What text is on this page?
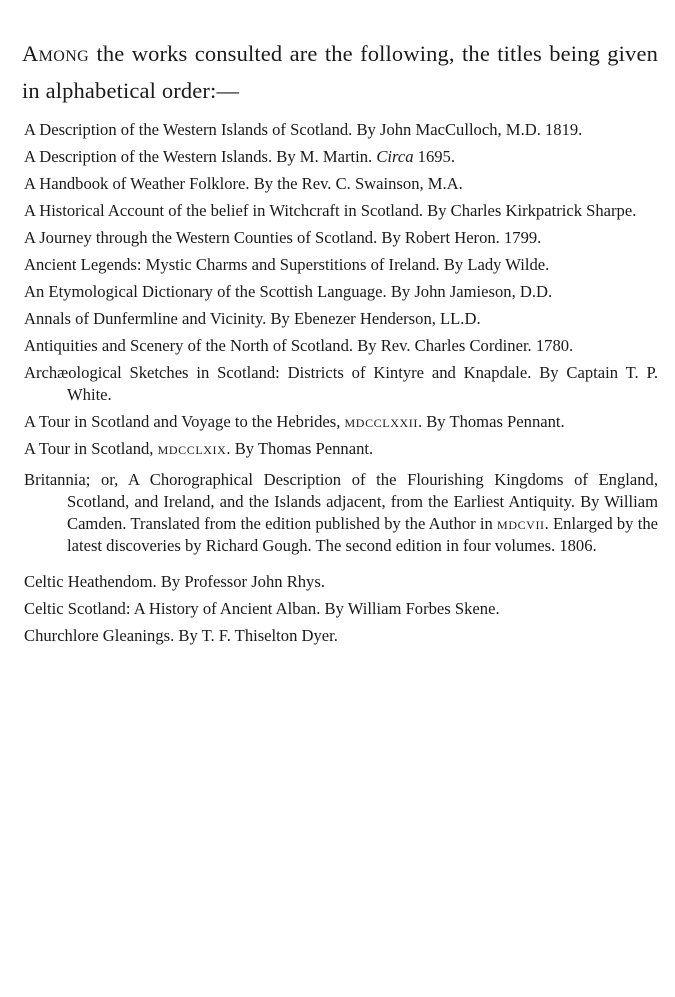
Among the works consulted are the following, the titles being given in alphabetical order:—

A Description of the Western Islands of Scotland. By John MacCulloch, M.D. 1819.
A Description of the Western Islands. By M. Martin. Circa 1695.
A Handbook of Weather Folklore. By the Rev. C. Swainson, M.A.
A Historical Account of the belief in Witchcraft in Scotland. By Charles Kirkpatrick Sharpe.
A Journey through the Western Counties of Scotland. By Robert Heron. 1799.
Ancient Legends: Mystic Charms and Superstitions of Ireland. By Lady Wilde.
An Etymological Dictionary of the Scottish Language. By John Jamieson, D.D.
Annals of Dunfermline and Vicinity. By Ebenezer Henderson, LL.D.
Antiquities and Scenery of the North of Scotland. By Rev. Charles Cordiner. 1780.
Archæological Sketches in Scotland: Districts of Kintyre and Knapdale. By Captain T. P. White.
A Tour in Scotland and Voyage to the Hebrides, mdcclxxii. By Thomas Pennant.
A Tour in Scotland, mdcclxix. By Thomas Pennant.
Britannia; or, A Chorographical Description of the Flourishing Kingdoms of England, Scotland, and Ireland, and the Islands adjacent, from the Earliest Antiquity. By William Camden. Translated from the edition published by the Author in mdcvii. Enlarged by the latest discoveries by Richard Gough. The second edition in four volumes. 1806.
Celtic Heathendom. By Professor John Rhys.
Celtic Scotland: A History of Ancient Alban. By William Forbes Skene.
Churchlore Gleanings. By T. F. Thiselton Dyer.
